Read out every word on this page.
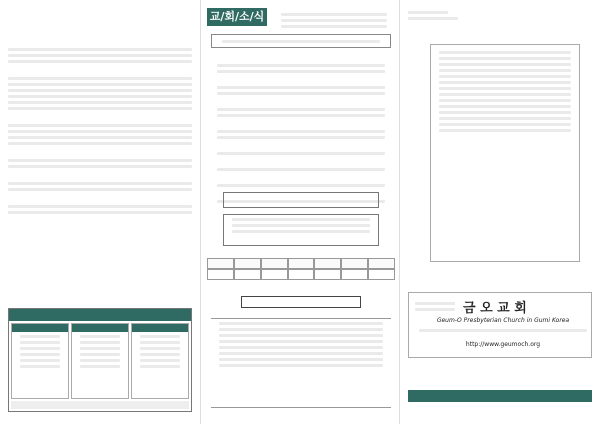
교/회/소/식
금 오 교 회
Geum-O Presbyterian Church in Gumi Korea
http://www.geumoch.org
